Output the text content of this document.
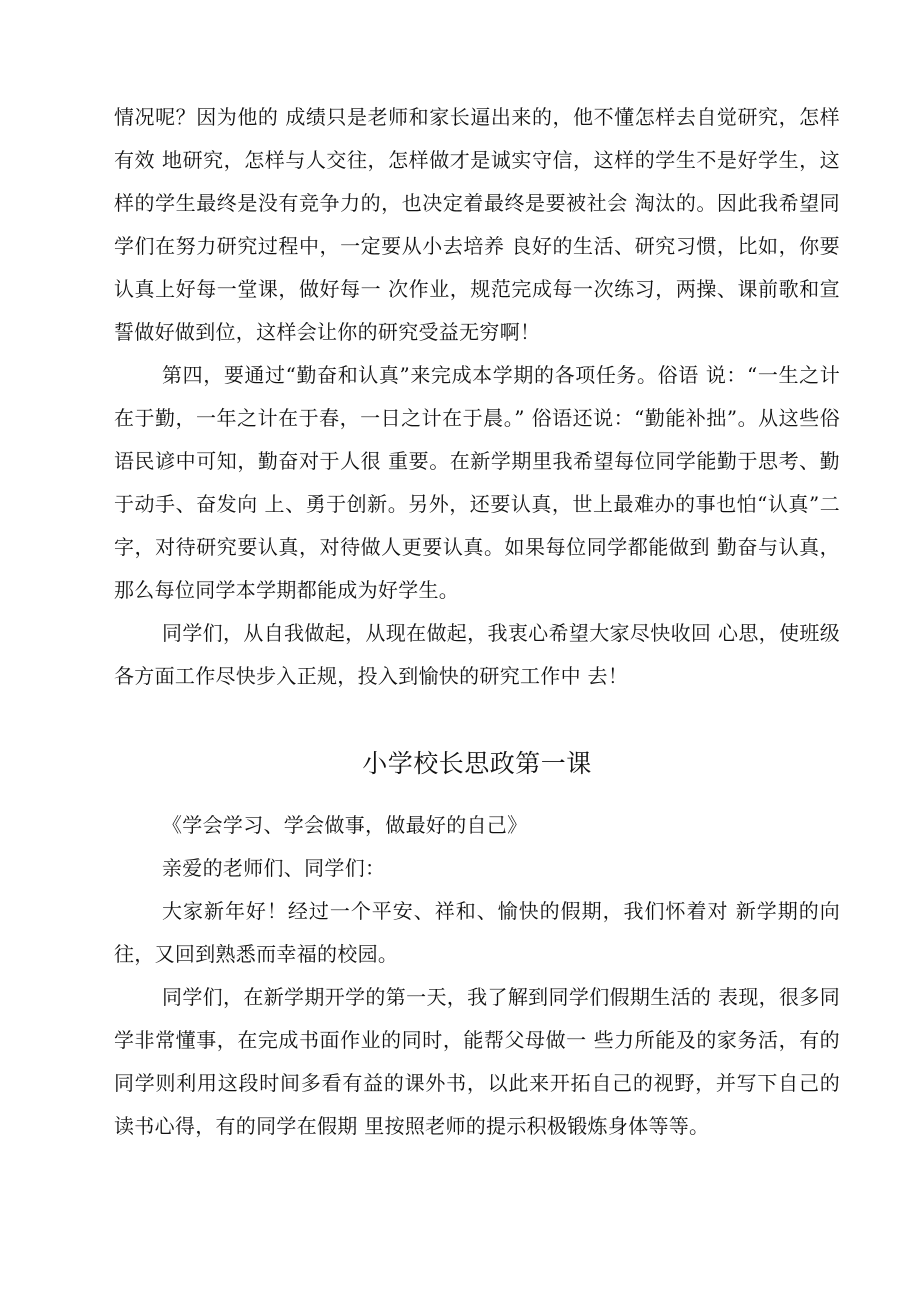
情况呢？因为他的 成绩只是老师和家长逼出来的，他不懂怎样去自觉研究，怎样有效 地研究，怎样与人交往，怎样做才是诚实守信，这样的学生不是好学生，这样的学生最终是没有竞争力的，也决定着最终是要被社会 淘汰的。因此我希望同学们在努力研究过程中，一定要从小去培养 良好的生活、研究习惯，比如，你要认真上好每一堂课，做好每一 次作业，规范完成每一次练习，两操、课前歌和宣誓做好做到位，这样会让你的研究受益无穷啊！

第四，要通过“勤奋和认真”来完成本学期的各项任务。俗语 说：“一生之计在于勤，一年之计在于春，一日之计在于晨。” 俗语还说：“勤能补拙”。从这些俗语民谚中可知，勤奋对于人很 重要。在新学期里我希望每位同学能勤于思考、勤于动手、奋发向 上、勇于创新。另外，还要认真，世上最难办的事也怕“认真”二 字，对待研究要认真，对待做人更要认真。如果每位同学都能做到 勤奋与认真，那么每位同学本学期都能成为好学生。

同学们，从自我做起，从现在做起，我衷心希望大家尽快收回 心思，使班级各方面工作尽快步入正规，投入到愉快的研究工作中 去！

小学校长思政第一课

《学会学习、学会做事，做最好的自己》

亲爱的老师们、同学们：

大家新年好！经过一个平安、祥和、愉快的假期，我们怀着对 新学期的向往，又回到熟悉而幸福的校园。

同学们，在新学期开学的第一天，我了解到同学们假期生活的 表现，很多同学非常懂事，在完成书面作业的同时，能帮父母做一 些力所能及的家务活，有的同学则利用这段时间多看有益的课外书，以此来开拓自己的视野，并写下自己的读书心得，有的同学在假期 里按照老师的提示积极锻炼身体等等。
